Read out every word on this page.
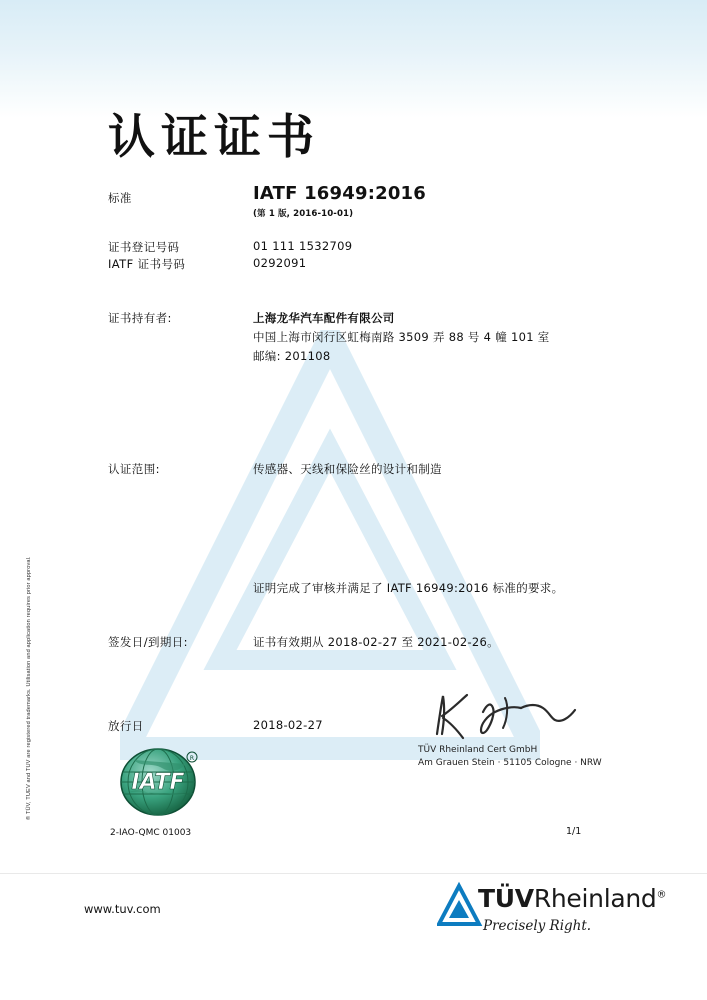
® TÜV, TUEV and TUV are registered trademarks. Utilisation and application requires prior approval.
认证证书
标准	IATF 16949:2016
(第 1 版, 2016-10-01)
证书登记号码	01 111 1532709
IATF 证书号码	0292091
证书持有者:	上海龙华汽车配件有限公司
中国上海市闵行区虹梅南路 3509 弄 88 号 4 幢 101 室
邮编: 201108
认证范围:	传感器、天线和保险丝的设计和制造
证明完成了审核并满足了 IATF 16949:2016 标准的要求。
签发日/到期日:	证书有效期从 2018-02-27 至 2021-02-26。
放行日	2018-02-27
TÜV Rheinland Cert GmbH
Am Grauen Stein · 51105 Cologne · NRW
IATF
R
2-IAO-QMC 01003	1/1
www.tuv.com	TÜVRheinland®
Precisely Right.
